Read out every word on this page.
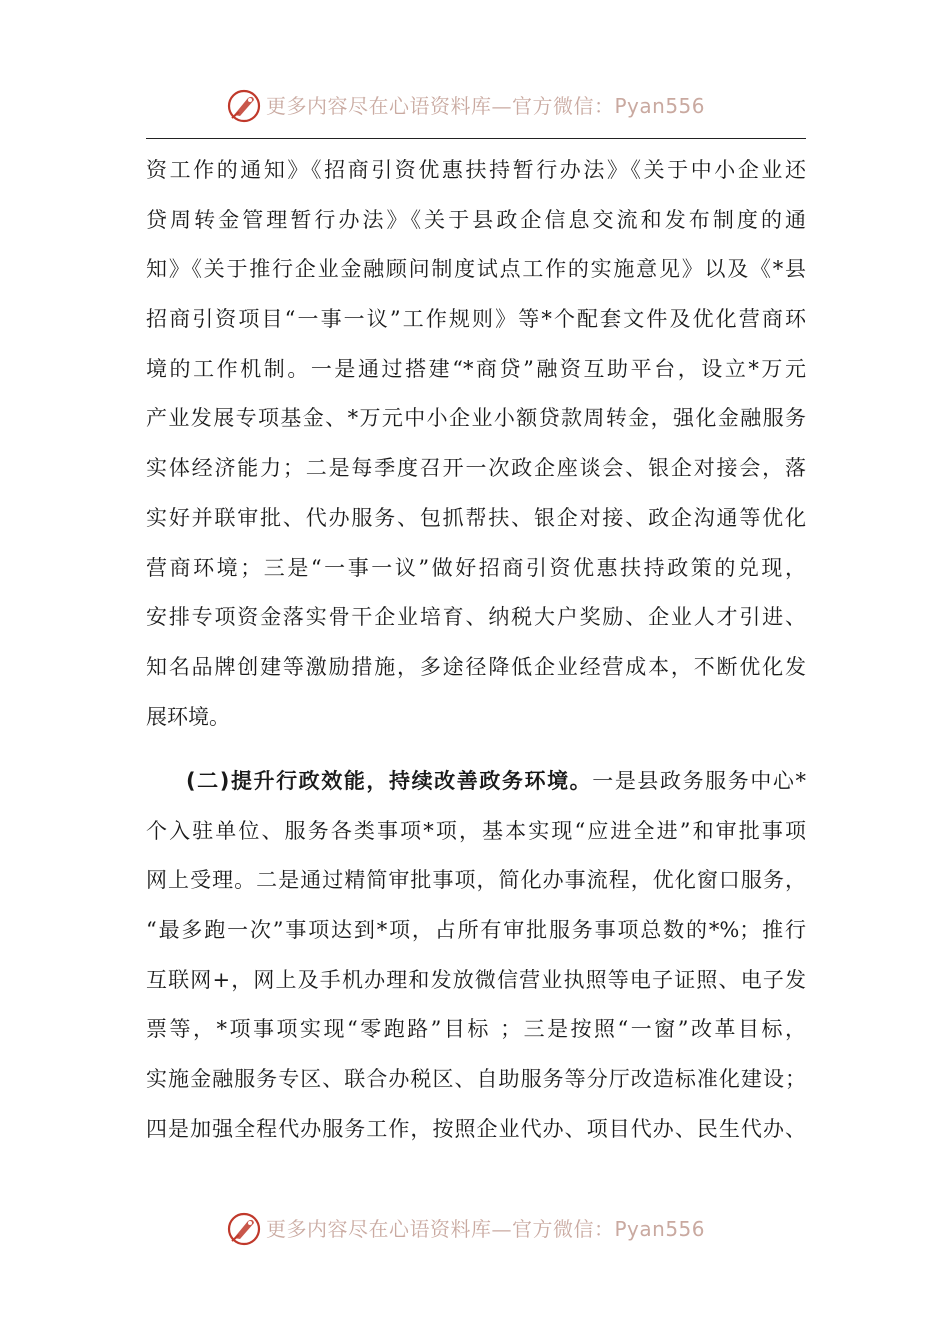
更多内容尽在心语资料库—官方微信：Pyan556
资工作的通知》《招商引资优惠扶持暂行办法》《关于中小企业还
贷周转金管理暂行办法》《关于县政企信息交流和发布制度的通
知》《关于推行企业金融顾问制度试点工作的实施意见》以及《*县
招商引资项目“一事一议”工作规则》等*个配套文件及优化营商环
境的工作机制。一是通过搭建“*商贷”融资互助平台，设立*万元
产业发展专项基金、*万元中小企业小额贷款周转金，强化金融服务
实体经济能力；二是每季度召开一次政企座谈会、银企对接会，落
实好并联审批、代办服务、包抓帮扶、银企对接、政企沟通等优化
营商环境；三是“一事一议”做好招商引资优惠扶持政策的兑现，
安排专项资金落实骨干企业培育、纳税大户奖励、企业人才引进、
知名品牌创建等激励措施，多途径降低企业经营成本，不断优化发
展环境。
(二)提升行政效能，持续改善政务环境。一是县政务服务中心*
个入驻单位、服务各类事项*项，基本实现“应进全进”和审批事项
网上受理。二是通过精简审批事项，简化办事流程，优化窗口服务，
“最多跑一次”事项达到*项，占所有审批服务事项总数的*%；推行
互联网+，网上及手机办理和发放微信营业执照等电子证照、电子发
票等，*项事项实现“零跑路”目标 ；三是按照“一窗”改革目标，
实施金融服务专区、联合办税区、自助服务等分厅改造标准化建设；
四是加强全程代办服务工作，按照企业代办、项目代办、民生代办、
更多内容尽在心语资料库—官方微信：Pyan556
